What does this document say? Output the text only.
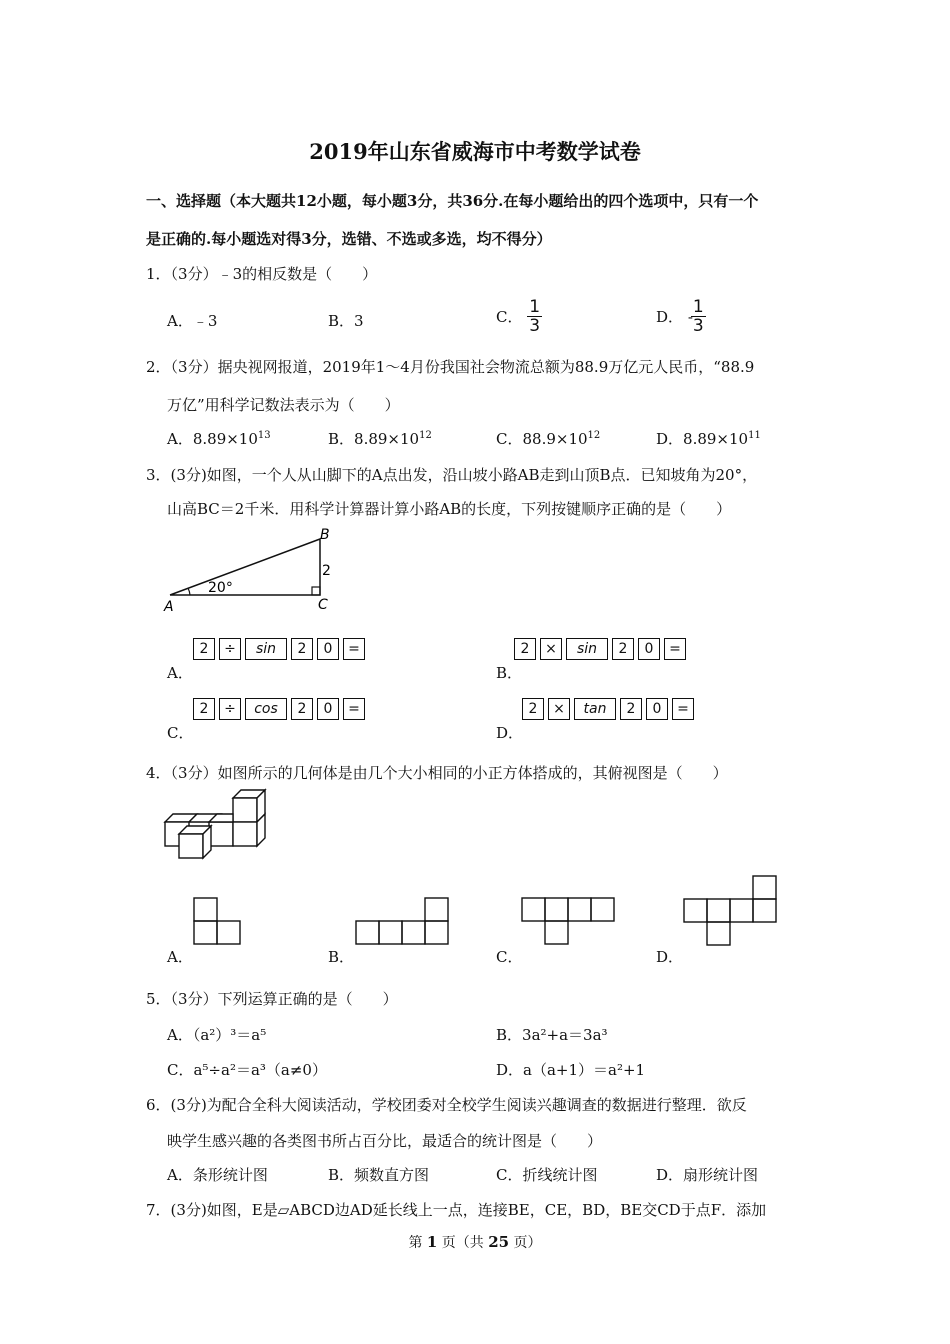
2019年山东省威海市中考数学试卷
一、选择题（本大题共12小题，每小题3分，共36分.在每小题给出的四个选项中，只有一个
是正确的.每小题选对得3分，选错、不选或多选，均不得分）
1．（3分）﹣3的相反数是（　　）
A．﹣3	B．3	C． $\frac{1}{3}$	D． -
$\frac{1}{3}$
2．（3分）据央视网报道，2019年1～4月份我国社会物流总额为88.9万亿元人民币，“88.9
万亿”用科学记数法表示为（　　）
A．$8.89\times 10^{13}$	B．$8.89\times 10^{12}$	C．$88.9\times 10^{12}$	D．$8.89\times 10^{11}$
3．(3分)如图，一个人从山脚下的A点出发，沿山坡小路AB走到山顶B点．已知坡角为20°，
山高BC＝2千米．用科学计算器计算小路AB的长度，下列按键顺序正确的是（　　）
A
B
C
2
20°
A．
2 ÷ sin 2 0 =
B．
2 × sin 2 0 =
C．
2 ÷ cos 2 0 =
D．
2 × tan 2 0 =
4．（3分）如图所示的几何体是由几个大小相同的小正方体搭成的，其俯视图是（　　）
A．	B．	C．	D．
5．（3分）下列运算正确的是（　　）
A．（a²）³＝a⁵	B．3a²+a＝3a³
C．a⁵÷a²＝a³（a≠0）	D．a（a+1）＝a²+1
6．(3分)为配合全科大阅读活动，学校团委对全校学生阅读兴趣调查的数据进行整理．欲反
映学生感兴趣的各类图书所占百分比，最适合的统计图是（　　）
A．条形统计图	B．频数直方图	C．折线统计图	D．扇形统计图
7．(3分)如图，E是▱ABCD边AD延长线上一点，连接BE，CE，BD，BE交CD于点F．添加
第 1 页（共 25 页）
